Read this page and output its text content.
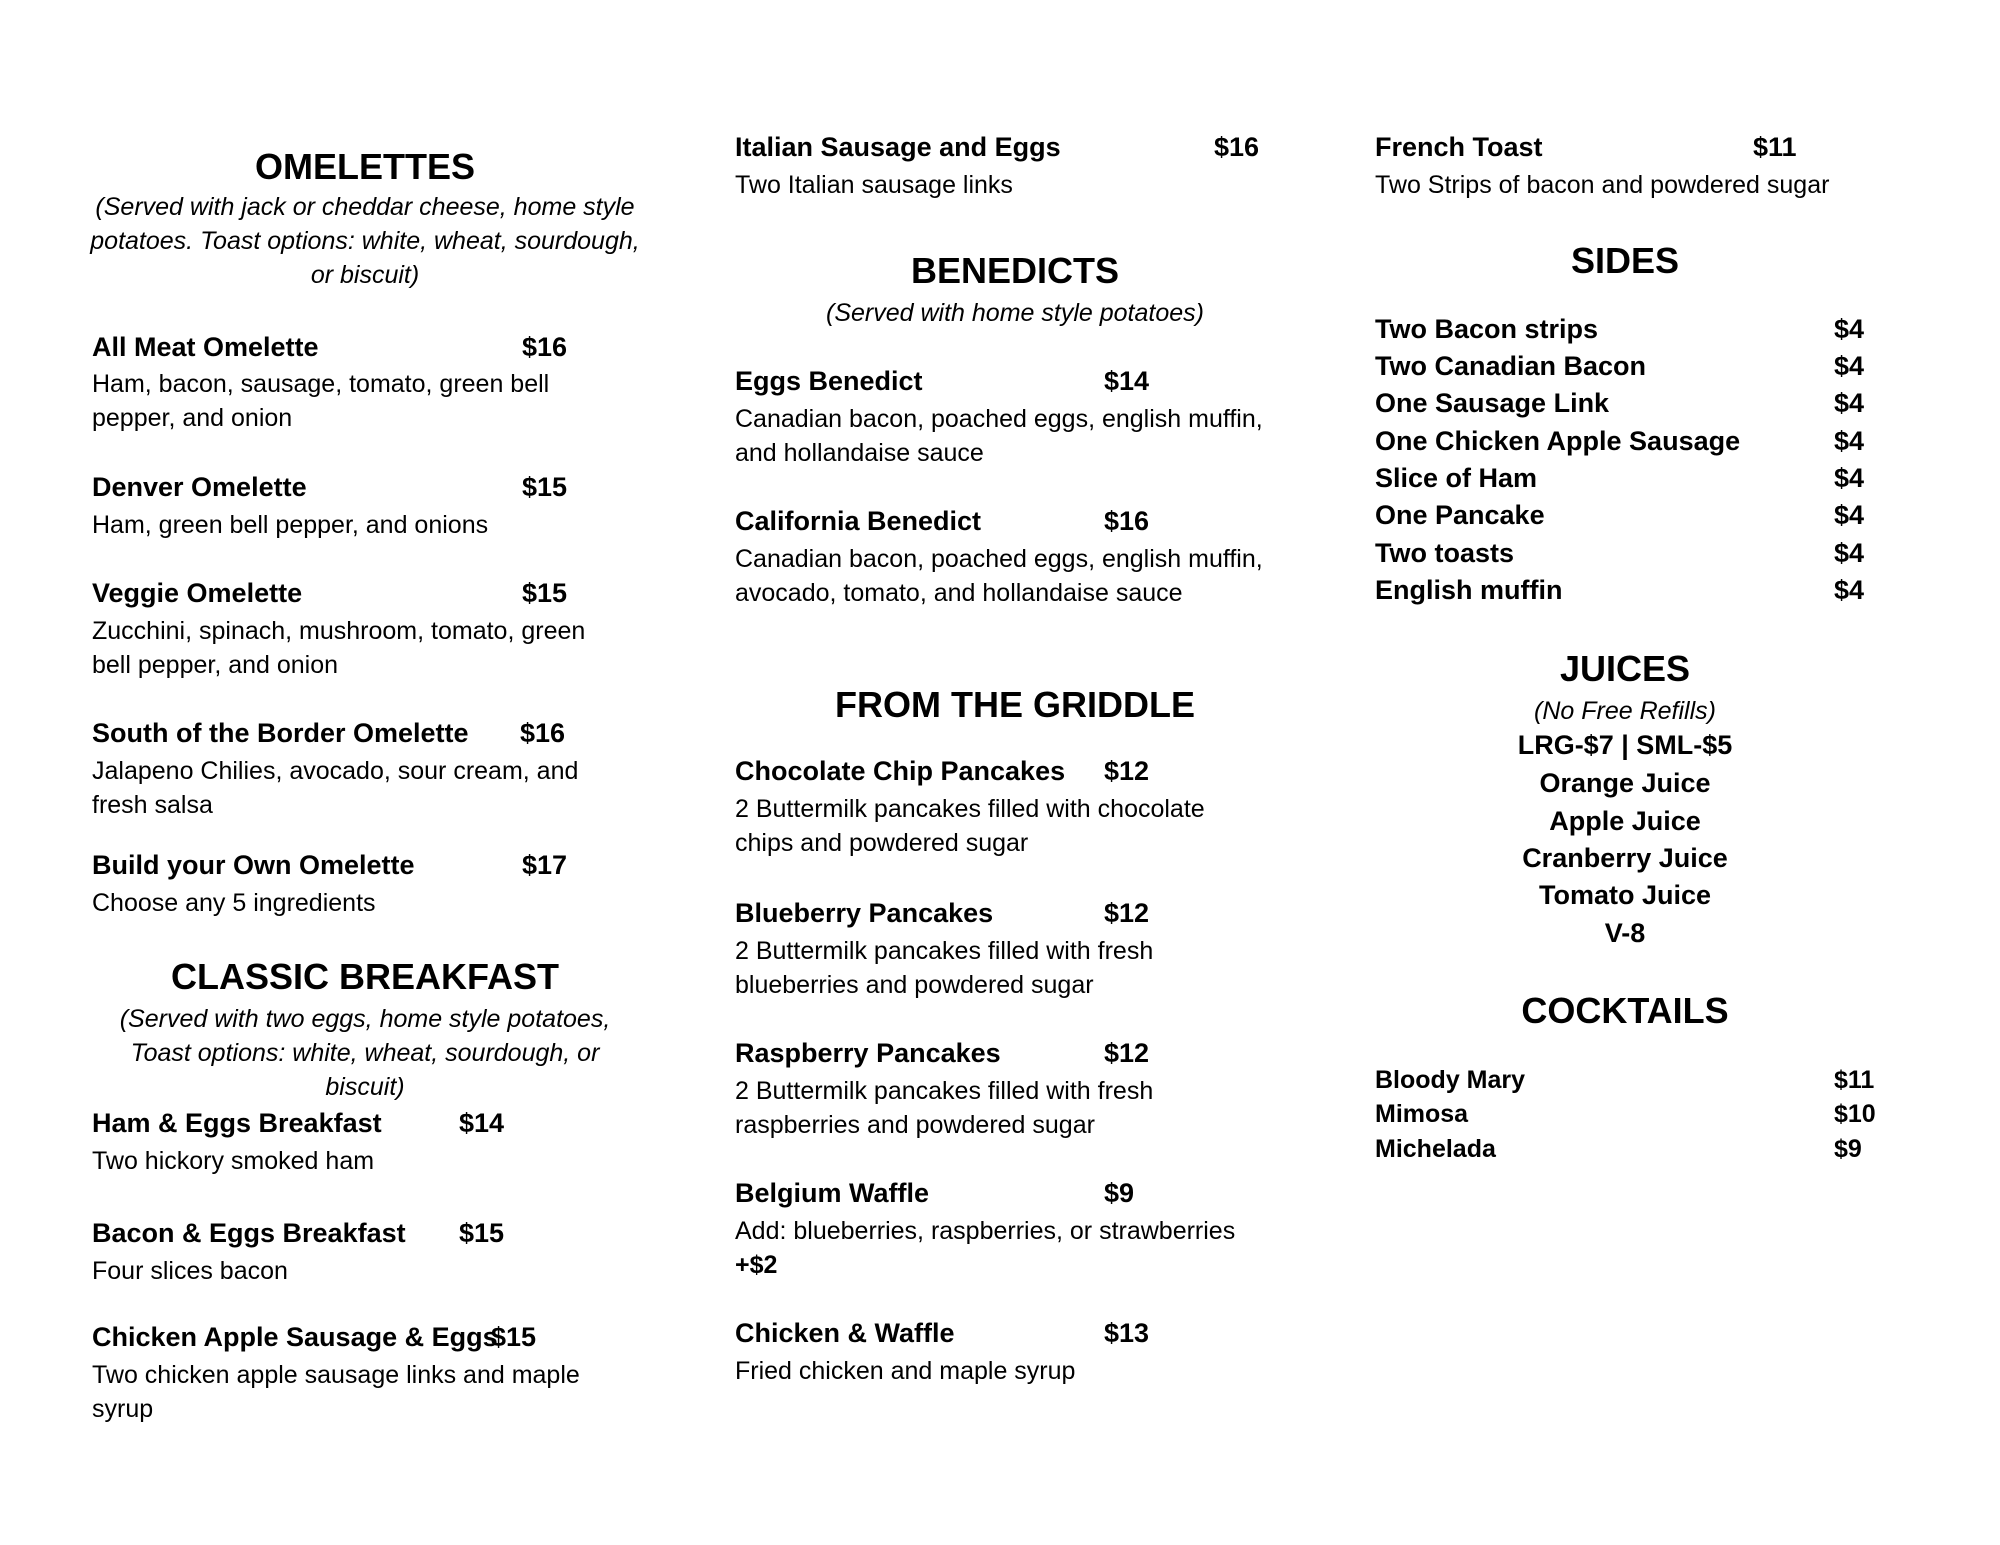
OMELETTES
(Served with jack or cheddar cheese, home style potatoes. Toast options: white, wheat, sourdough, or biscuit)
All Meat Omelette	$16
Ham, bacon, sausage, tomato, green bell pepper, and onion
Denver Omelette	$15
Ham, green bell pepper, and onions
Veggie Omelette	$15
Zucchini, spinach, mushroom, tomato, green bell pepper, and onion
South of the Border Omelette $16
Jalapeno Chilies, avocado, sour cream, and fresh salsa
Build your Own Omelette	$17
Choose any 5 ingredients
CLASSIC BREAKFAST
(Served with two eggs, home style potatoes, Toast options: white, wheat, sourdough, or biscuit)
Ham & Eggs Breakfast	$14
Two hickory smoked ham
Bacon & Eggs Breakfast $15
Four slices bacon
Chicken Apple Sausage & Eggs
$15
Two chicken apple sausage links and maple syrup
Italian Sausage and Eggs	$16
Two Italian sausage links
BENEDICTS
(Served with home style potatoes)
Eggs Benedict	$14
Canadian bacon, poached eggs, english muffin, and hollandaise sauce
California Benedict	$16
Canadian bacon, poached eggs, english muffin, avocado, tomato, and hollandaise sauce
FROM THE GRIDDLE
Chocolate Chip Pancakes $12
2 Buttermilk pancakes filled with chocolate chips and powdered sugar
Blueberry Pancakes	$12
2 Buttermilk pancakes filled with fresh blueberries and powdered sugar
Raspberry Pancakes	$12
2 Buttermilk pancakes filled with fresh raspberries and powdered sugar
Belgium Waffle	$9
Add: blueberries, raspberries, or strawberries
+$2
Chicken & Waffle	$13
Fried chicken and maple syrup
French Toast	$11
Two Strips of bacon and powdered sugar
SIDES
Two Bacon strips	$4
Two Canadian Bacon	$4
One Sausage Link	$4
One Chicken Apple Sausage	$4
Slice of Ham	$4
One Pancake	$4
Two toasts	$4
English muffin	$4
JUICES
(No Free Refills)
LRG-$7 | SML-$5
Orange Juice
Apple Juice
Cranberry Juice
Tomato Juice
V-8
COCKTAILS
Bloody Mary	$11
Mimosa	$10
Michelada	$9
